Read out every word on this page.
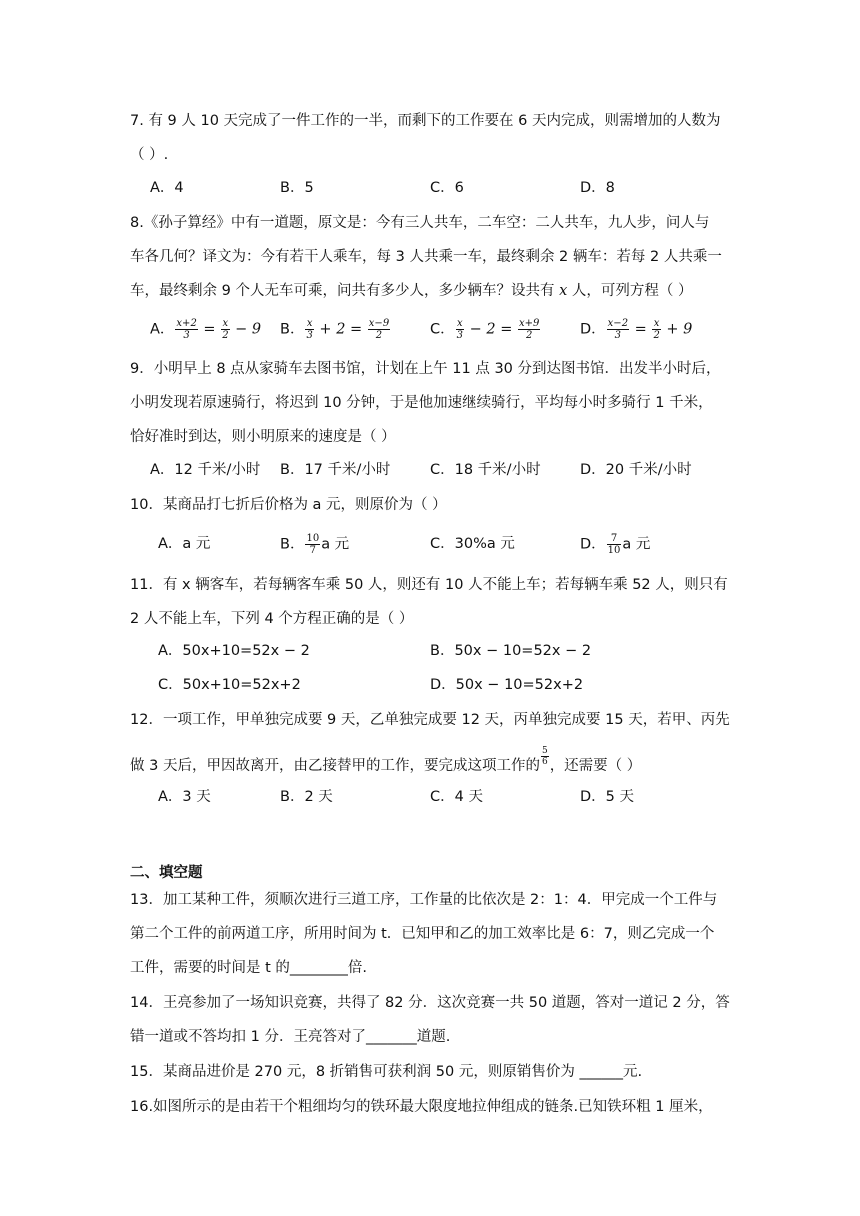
7. 有 9 人 10 天完成了一件工作的一半，而剩下的工作要在 6 天内完成，则需增加的人数为
（ ）.
A．4	B．5	C．6	D．8
8.《孙子算经》中有一道题，原文是：今有三人共车，二车空：二人共车，九人步，问人与
车各几何？译文为：今有若干人乘车，每 3 人共乘一车，最终剩余 2 辆车：若每 2 人共乘一
车，最终剩余 9 个人无车可乘，问共有多少人，多少辆车？设共有 x 人，可列方程（ ）
A． $\frac{x+2}{3} = \frac{x}{2} - 9$ B． $\frac{x}{3} + 2 = \frac{x-9}{2}$	C． $\frac{x}{3} - 2 = \frac{x+9}{2}$	D． $\frac{x-2}{3} = \frac{x}{2} + 9$
9．小明早上 8 点从家骑车去图书馆，计划在上午 11 点 30 分到达图书馆．出发半小时后，
小明发现若原速骑行，将迟到 10 分钟，于是他加速继续骑行，平均每小时多骑行 1 千米，
恰好准时到达，则小明原来的速度是（ ）
A．12 千米/小时 B．17 千米/小时	C．18 千米/小时	D．20 千米/小时
10．某商品打七折后价格为 a 元，则原价为（ ）
A．a 元	B． $\frac{10}{7}$ a 元	C．30%a 元	D． $\frac{7}{10}$ a 元
11．有 x 辆客车，若每辆客车乘 50 人，则还有 10 人不能上车；若每辆车乘 52 人，则只有
2 人不能上车，下列 4 个方程正确的是（ ）
A．50x+10=52x − 2	B．50x − 10=52x − 2
C．50x+10=52x+2	D．50x − 10=52x+2
12．一项工作，甲单独完成要 9 天，乙单独完成要 12 天，丙单独完成要 15 天，若甲、丙先
做 3 天后，甲因故离开，由乙接替甲的工作，要完成这项工作的 $\frac{5}{6}$ ，还需要（ ）
A．3 天	B．2 天	C．4 天	D．5 天
二、填空题
13．加工某种工件，须顺次进行三道工序，工作量的比依次是 2：1：4．甲完成一个工件与
第二个工件的前两道工序，所用时间为 t．已知甲和乙的加工效率比是 6：7，则乙完成一个
工件，需要的时间是 t 的________倍.
14．王亮参加了一场知识竞赛，共得了 82 分．这次竞赛一共 50 道题，答对一道记 2 分，答
错一道或不答均扣 1 分．王亮答对了_______道题.
15．某商品进价是 270 元，8 折销售可获利润 50 元，则原销售价为 ______元.
16.如图所示的是由若干个粗细均匀的铁环最大限度地拉伸组成的链条.已知铁环粗 1 厘米，
